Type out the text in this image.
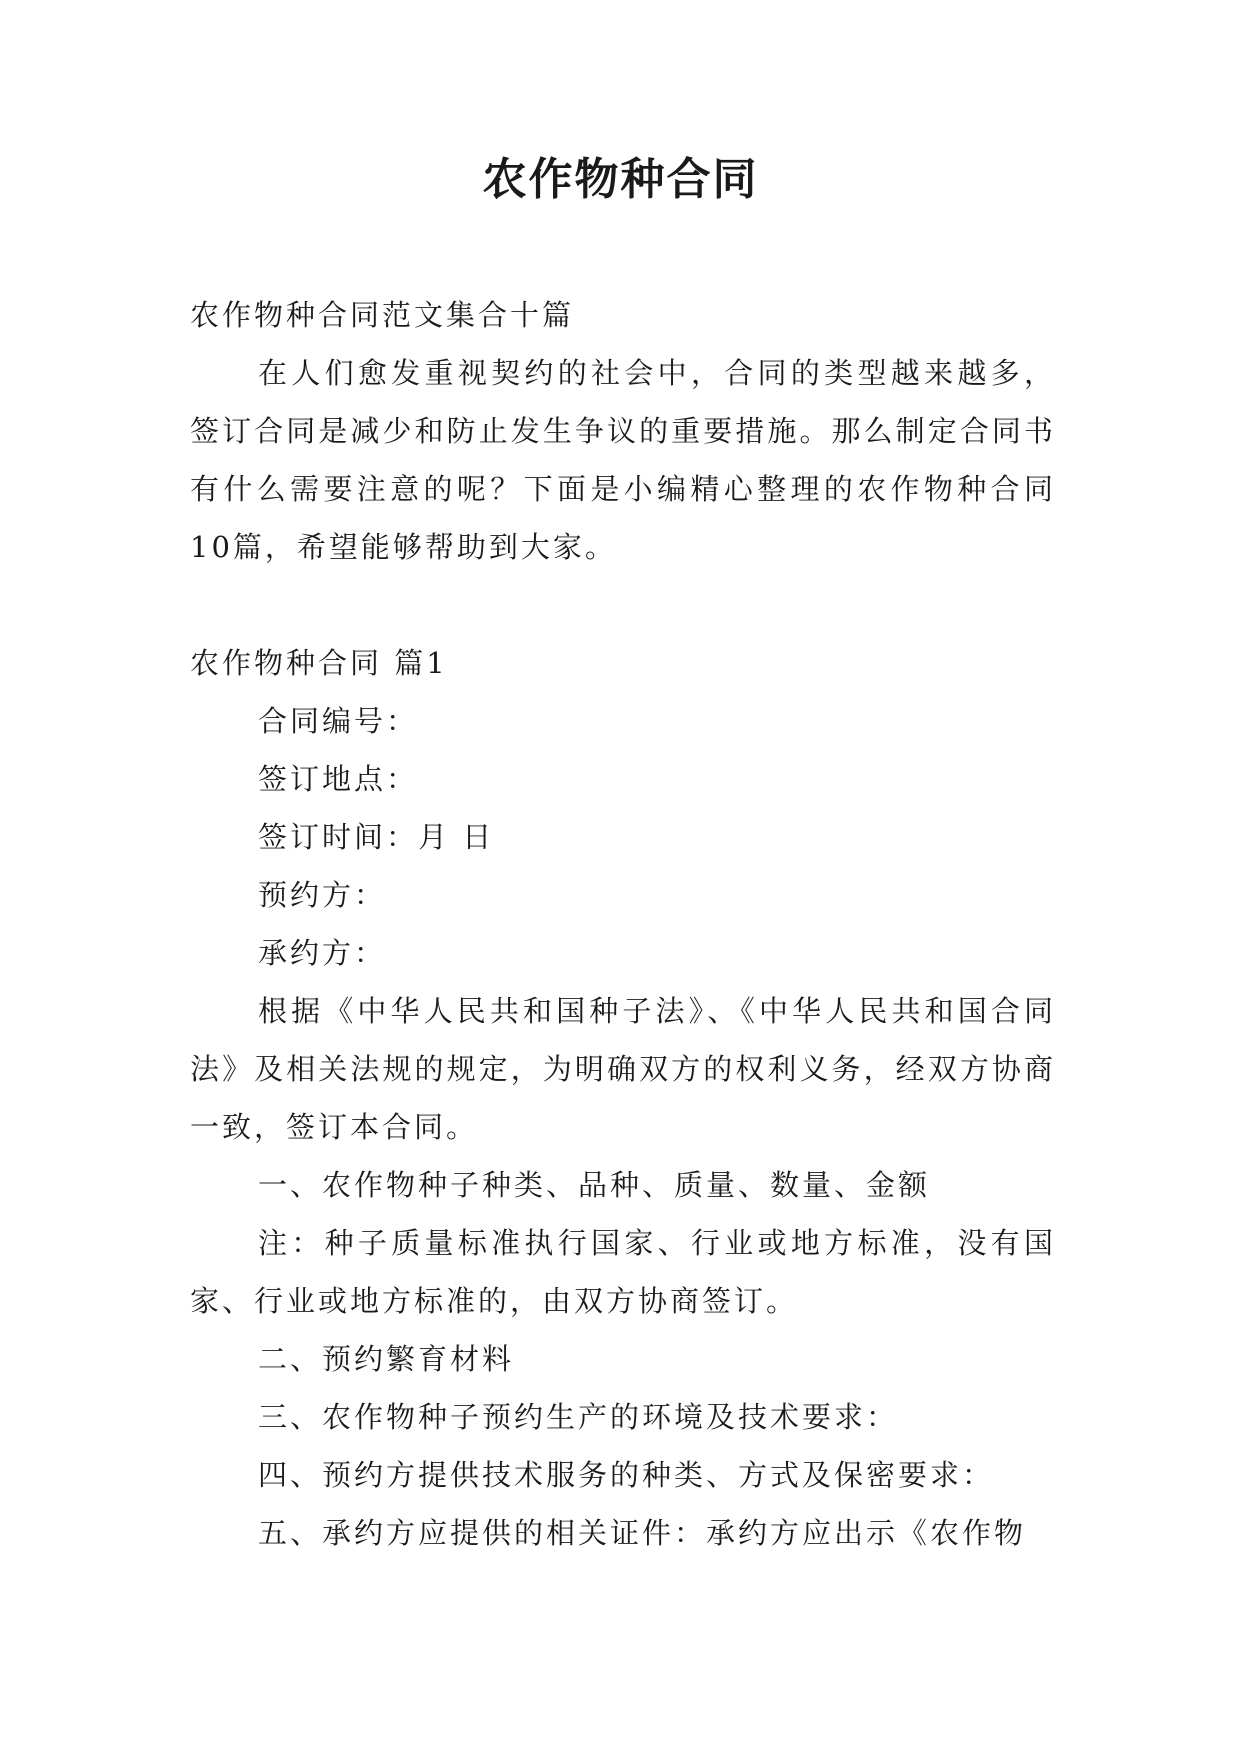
农作物种合同

农作物种合同范文集合十篇

在人们愈发重视契约的社会中，合同的类型越来越多，签订合同是减少和防止发生争议的重要措施。那么制定合同书有什么需要注意的呢？下面是小编精心整理的农作物种合同10篇，希望能够帮助到大家。

农作物种合同 篇1

合同编号：

签订地点：

签订时间：月 日

预约方：

承约方：

根据《中华人民共和国种子法》、《中华人民共和国合同法》及相关法规的规定，为明确双方的权利义务，经双方协商一致，签订本合同。

一、农作物种子种类、品种、质量、数量、金额

注：种子质量标准执行国家、行业或地方标准，没有国家、行业或地方标准的，由双方协商签订。

二、预约繁育材料

三、农作物种子预约生产的环境及技术要求：

四、预约方提供技术服务的种类、方式及保密要求：

五、承约方应提供的相关证件：承约方应出示《农作物
